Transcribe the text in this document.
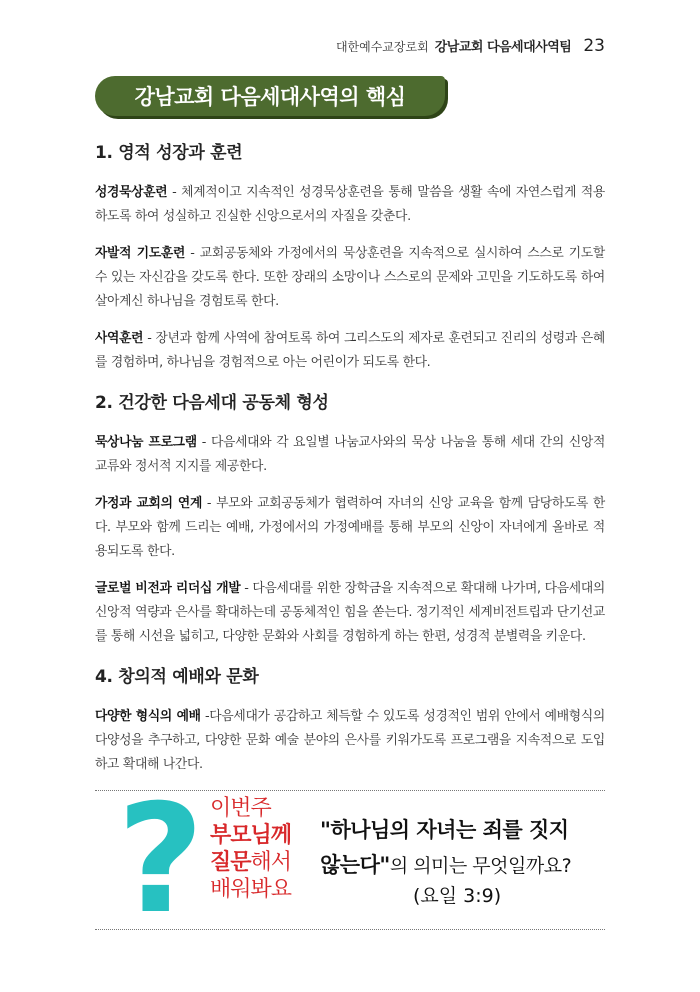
대한예수교장로회 강남교회 다음세대사역팀 23
강남교회 다음세대사역의 핵심
1. 영적 성장과 훈련

성경묵상훈련 - 체계적이고 지속적인 성경묵상훈련을 통해 말씀을 생활 속에 자연스럽게 적용하도록 하여 성실하고 진실한 신앙으로서의 자질을 갖춘다.

자발적 기도훈련 - 교회공동체와 가정에서의 묵상훈련을 지속적으로 실시하여 스스로 기도할 수 있는 자신감을 갖도록 한다. 또한 장래의 소망이나 스스로의 문제와 고민을 기도하도록 하여 살아계신 하나님을 경험토록 한다.

사역훈련 - 장년과 함께 사역에 참여토록 하여 그리스도의 제자로 훈련되고 진리의 성령과 은혜를 경험하며, 하나님을 경험적으로 아는 어린이가 되도록 한다.

2. 건강한 다음세대 공동체 형성

묵상나눔 프로그램 - 다음세대와 각 요일별 나눔교사와의 묵상 나눔을 통해 세대 간의 신앙적 교류와 정서적 지지를 제공한다.

가정과 교회의 연계 - 부모와 교회공동체가 협력하여 자녀의 신앙 교육을 함께 담당하도록 한다. 부모와 함께 드리는 예배, 가정에서의 가정예배를 통해 부모의 신앙이 자녀에게 올바로 적용되도록 한다.

글로벌 비전과 리더십 개발 - 다음세대를 위한 장학금을 지속적으로 확대해 나가며, 다음세대의 신앙적 역량과 은사를 확대하는데 공동체적인 힘을 쏟는다. 정기적인 세계비전트립과 단기선교를 통해 시선을 넓히고, 다양한 문화와 사회를 경험하게 하는 한편, 성경적 분별력을 키운다.

4. 창의적 예배와 문화

다양한 형식의 예배 -다음세대가 공감하고 체득할 수 있도록 성경적인 범위 안에서 예배형식의 다양성을 추구하고, 다양한 문화 예술 분야의 은사를 키워가도록 프로그램을 지속적으로 도입하고 확대해 나간다.

? 이번주
부모님께
질문해서
배워봐요
"하나님의 자녀는 죄를 짓지
않는다"의 의미는 무엇일까요?
(요일 3:9)
